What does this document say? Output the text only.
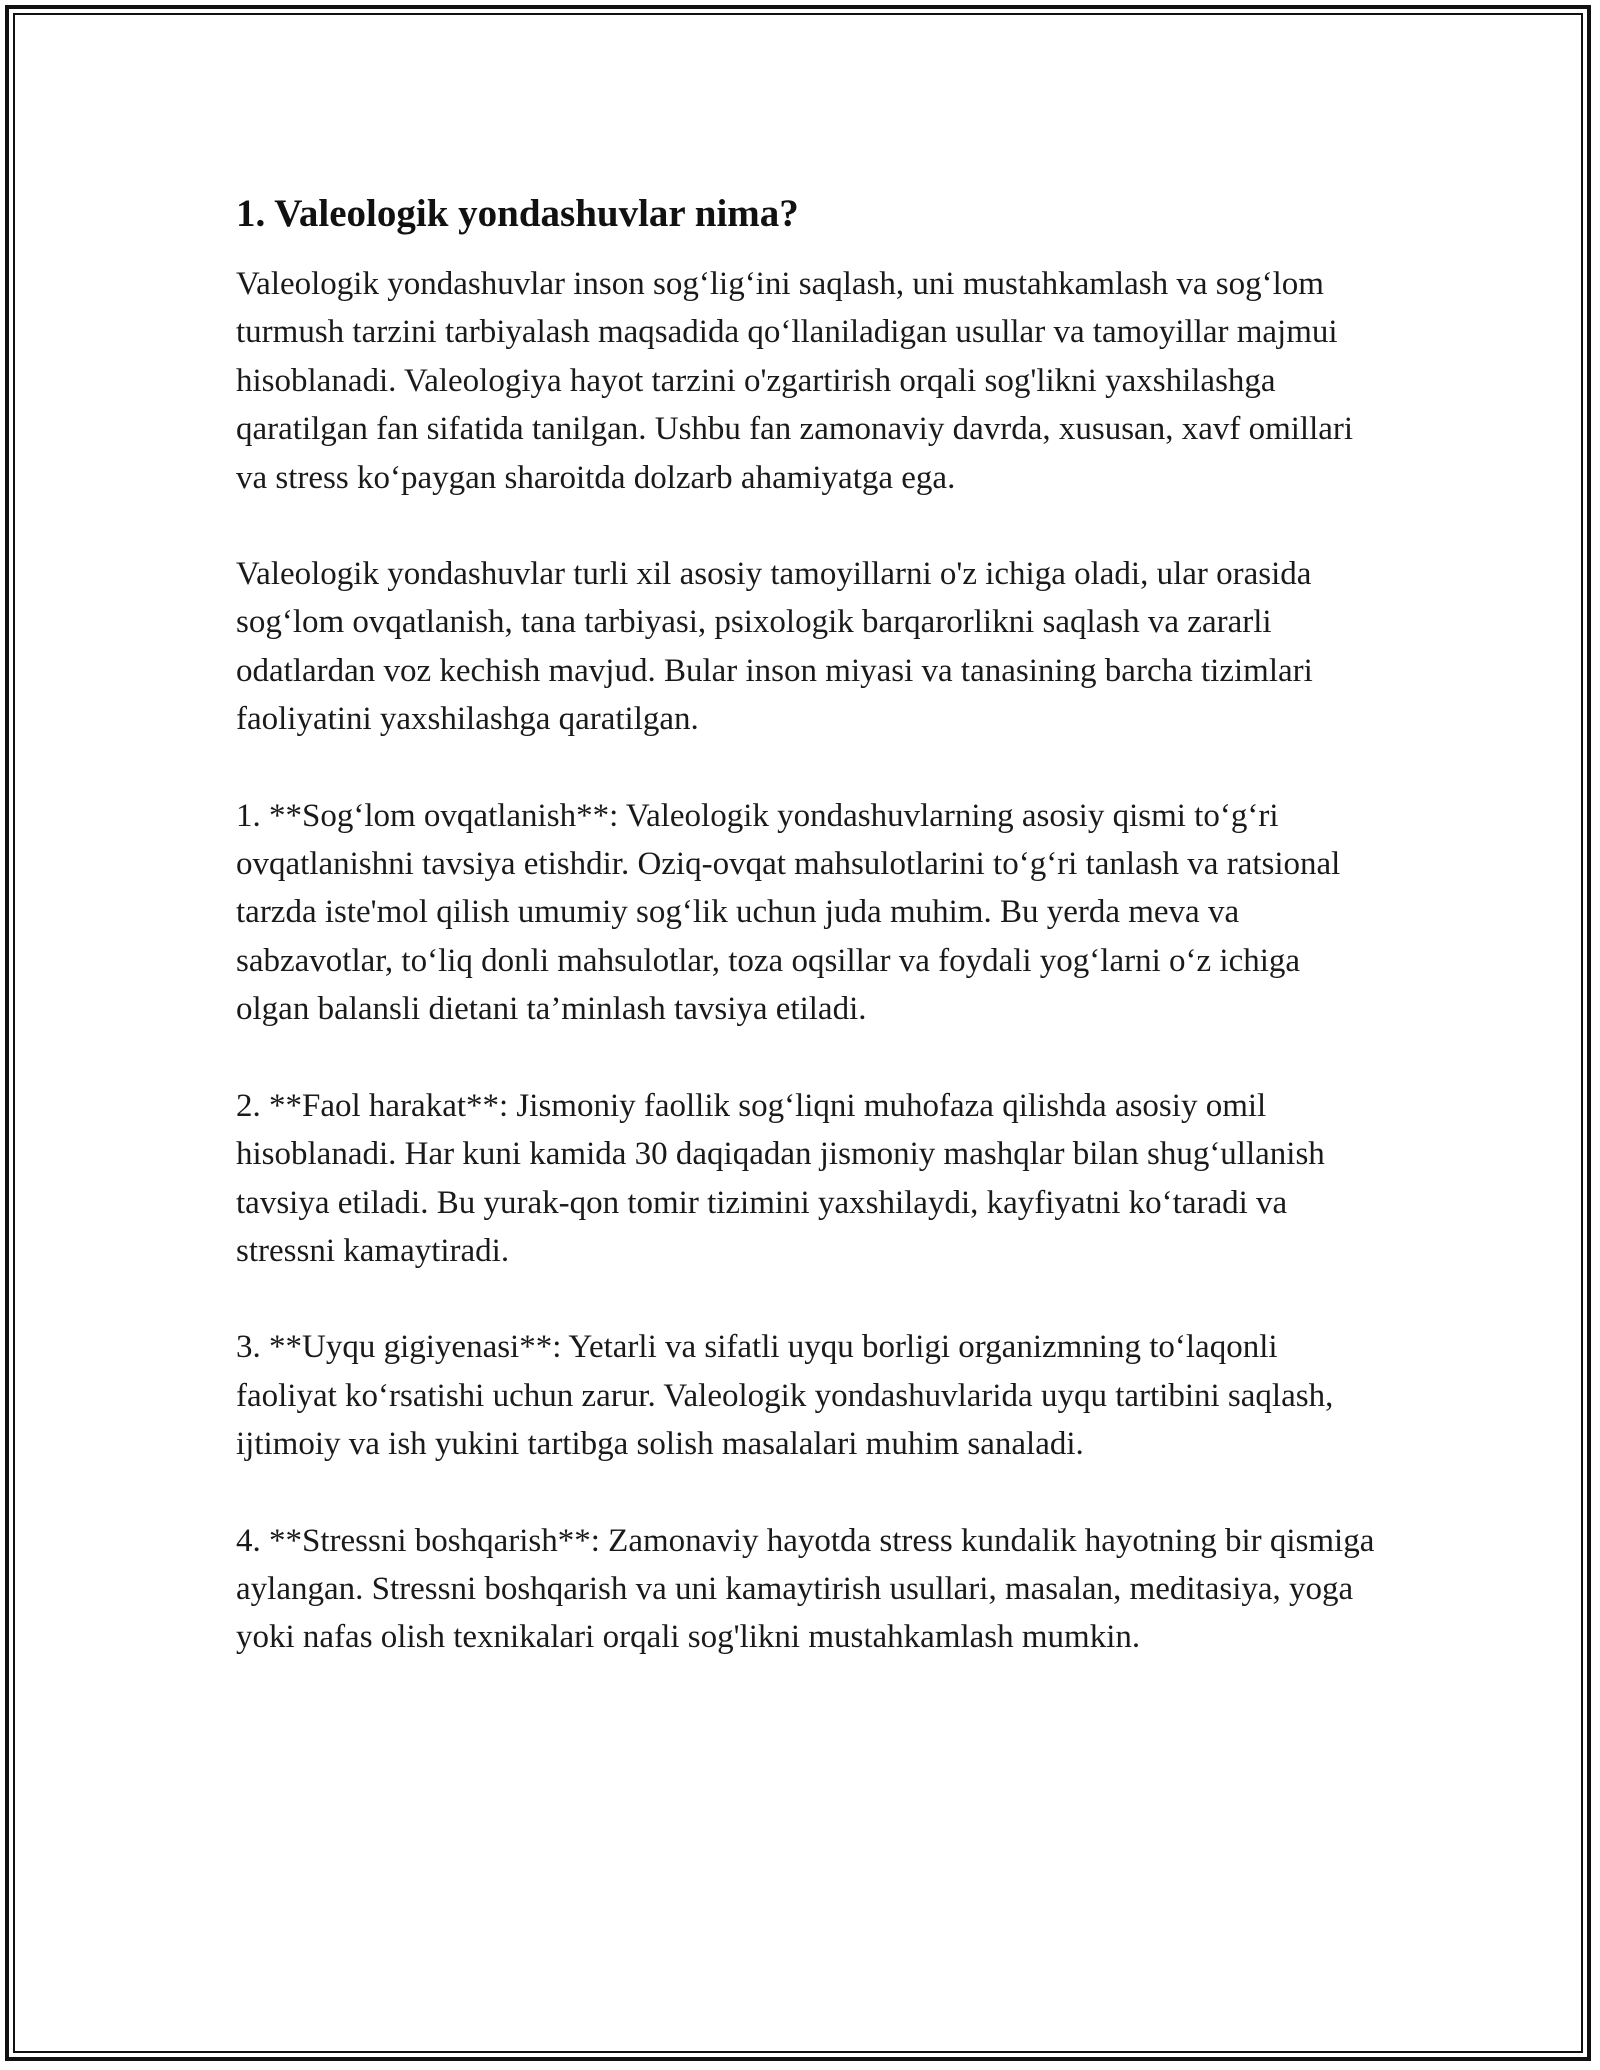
1. Valeologik yondashuvlar nima?

Valeologik yondashuvlar inson sog‘lig‘ini saqlash, uni mustahkamlash va sog‘lom turmush tarzini tarbiyalash maqsadida qo‘llaniladigan usullar va tamoyillar majmui hisoblanadi. Valeologiya hayot tarzini o'zgartirish orqali sog'likni yaxshilashga qaratilgan fan sifatida tanilgan. Ushbu fan zamonaviy davrda, xususan, xavf omillari va stress ko‘paygan sharoitda dolzarb ahamiyatga ega.

Valeologik yondashuvlar turli xil asosiy tamoyillarni o'z ichiga oladi, ular orasida sog‘lom ovqatlanish, tana tarbiyasi, psixologik barqarorlikni saqlash va zararli odatlardan voz kechish mavjud. Bular inson miyasi va tanasining barcha tizimlari faoliyatini yaxshilashga qaratilgan.

1. **Sog‘lom ovqatlanish**: Valeologik yondashuvlarning asosiy qismi to‘g‘ri ovqatlanishni tavsiya etishdir. Oziq-ovqat mahsulotlarini to‘g‘ri tanlash va ratsional tarzda iste'mol qilish umumiy sog‘lik uchun juda muhim. Bu yerda meva va sabzavotlar, to‘liq donli mahsulotlar, toza oqsillar va foydali yog‘larni o‘z ichiga olgan balansli dietani ta’minlash tavsiya etiladi.

2. **Faol harakat**: Jismoniy faollik sog‘liqni muhofaza qilishda asosiy omil hisoblanadi. Har kuni kamida 30 daqiqadan jismoniy mashqlar bilan shug‘ullanish tavsiya etiladi. Bu yurak-qon tomir tizimini yaxshilaydi, kayfiyatni ko‘taradi va stressni kamaytiradi.

3. **Uyqu gigiyenasi**: Yetarli va sifatli uyqu borligi organizmning to‘laqonli faoliyat ko‘rsatishi uchun zarur. Valeologik yondashuvlarida uyqu tartibini saqlash, ijtimoiy va ish yukini tartibga solish masalalari muhim sanaladi.

4. **Stressni boshqarish**: Zamonaviy hayotda stress kundalik hayotning bir qismiga aylangan. Stressni boshqarish va uni kamaytirish usullari, masalan, meditasiya, yoga yoki nafas olish texnikalari orqali sog'likni mustahkamlash mumkin.
